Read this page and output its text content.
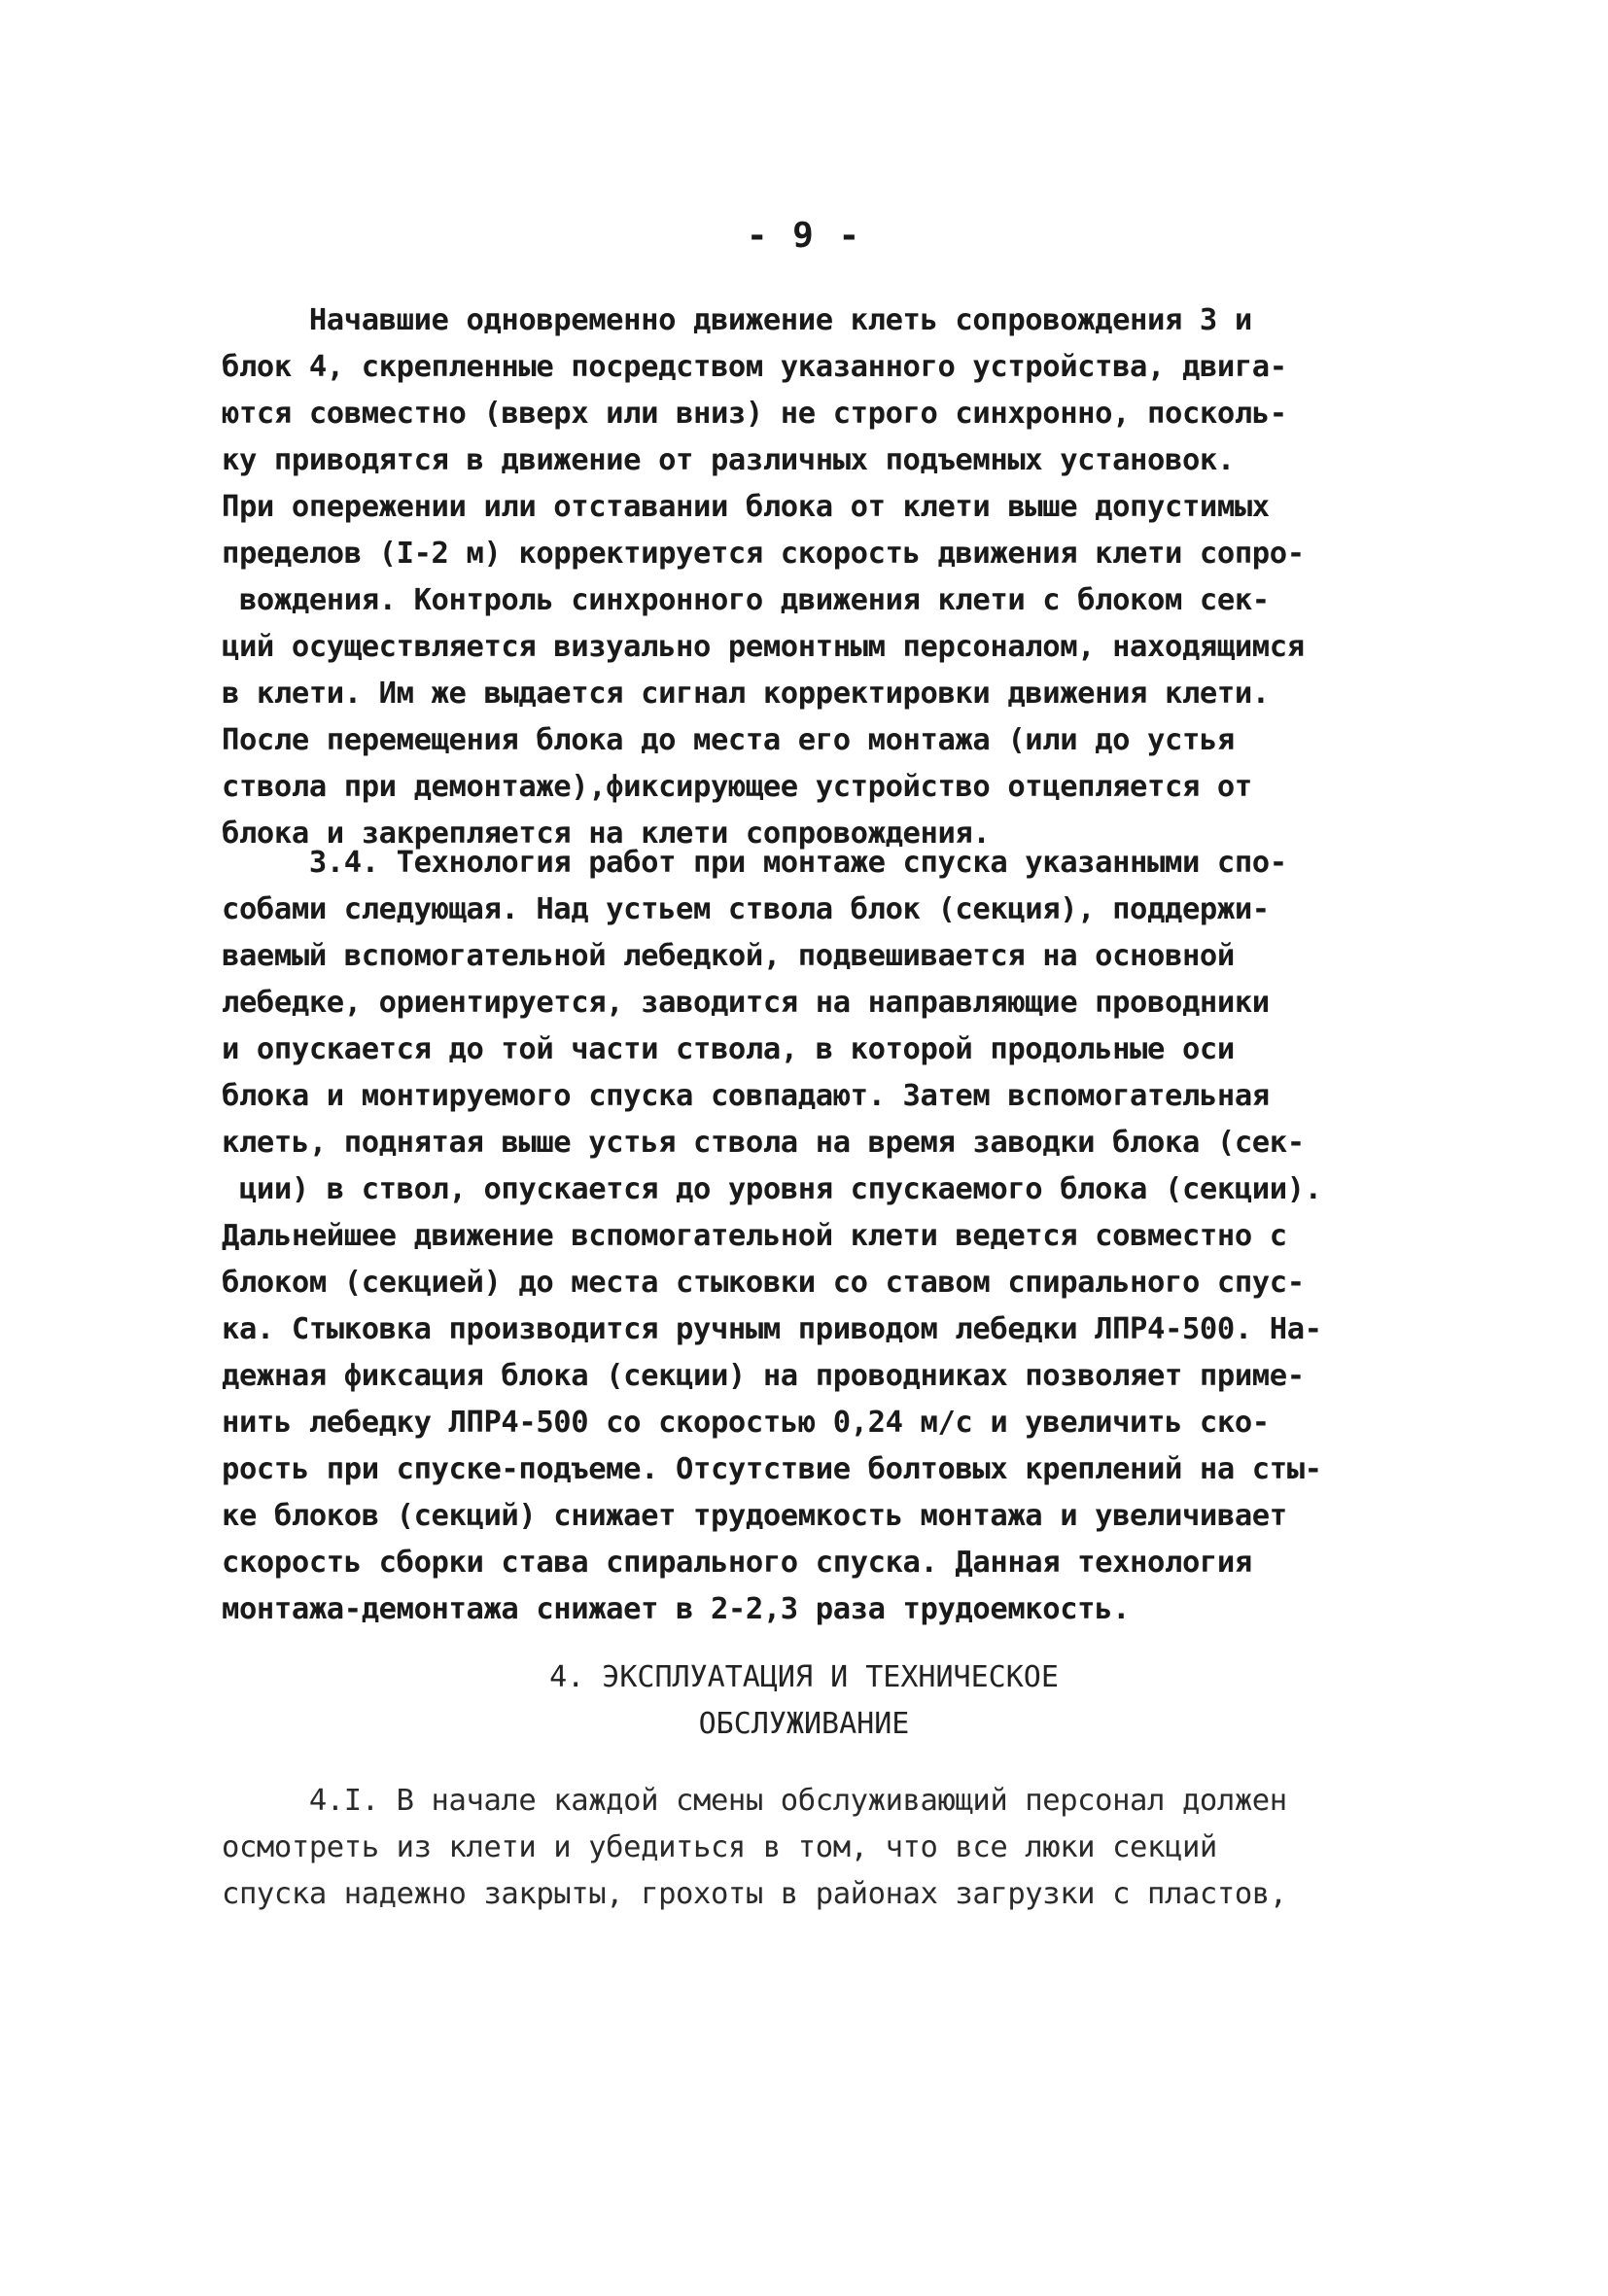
- 9 -
Начавшие одновременно движение клеть сопровождения 3 и
блок 4, скрепленные посредством указанного устройства, двига-
ются совместно (вверх или вниз) не строго синхронно, посколь-
ку приводятся в движение от различных подъемных установок.
При опережении или отставании блока от клети выше допустимых
пределов (I-2 м) корректируется скорость движения клети сопро-
вождения. Контроль синхронного движения клети с блоком сек-
ций осуществляется визуально ремонтным персоналом, находящимся
в клети. Им же выдается сигнал корректировки движения клети.
После перемещения блока до места его монтажа (или до устья
ствола при демонтаже),фиксирующее устройство отцепляется от
блока и закрепляется на клети сопровождения.
3.4. Технология работ при монтаже спуска указанными спо-
собами следующая. Над устьем ствола блок (секция), поддержи-
ваемый вспомогательной лебедкой, подвешивается на основной
лебедке, ориентируется, заводится на направляющие проводники
и опускается до той части ствола, в которой продольные оси
блока и монтируемого спуска совпадают. Затем вспомогательная
клеть, поднятая выше устья ствола на время заводки блока (сек-
ции) в ствол, опускается до уровня спускаемого блока (секции).
Дальнейшее движение вспомогательной клети ведется совместно с
блоком (секцией) до места стыковки со ставом спирального спус-
ка. Стыковка производится ручным приводом лебедки ЛПР4-500. На-
дежная фиксация блока (секции) на проводниках позволяет приме-
нить лебедку ЛПР4-500 со скоростью 0,24 м/с и увеличить ско-
рость при спуске-подъеме. Отсутствие болтовых креплений на сты-
ке блоков (секций) снижает трудоемкость монтажа и увеличивает
скорость сборки става спирального спуска. Данная технология
монтажа-демонтажа снижает в 2-2,3 раза трудоемкость.
4. ЭКСПЛУАТАЦИЯ И ТЕХНИЧЕСКОЕ
ОБСЛУЖИВАНИЕ
4.I. В начале каждой смены обслуживающий персонал должен
осмотреть из клети и убедиться в том, что все люки секций
спуска надежно закрыты, грохоты в районах загрузки с пластов,
